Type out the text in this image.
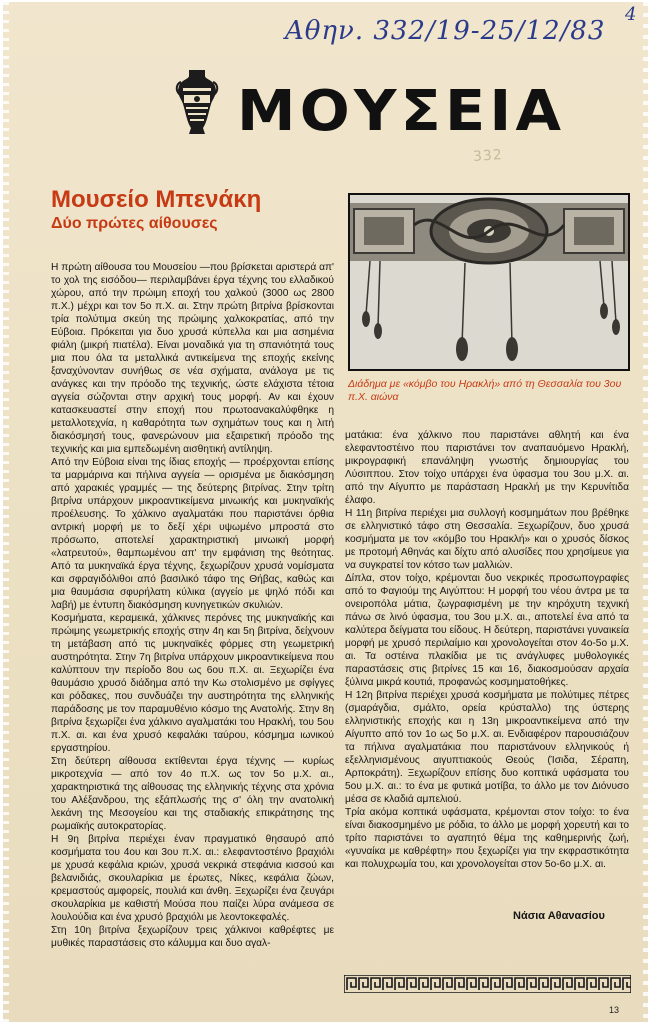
Αθην. 332/19-25/12/83
4
332
ΜΟΥΣΕΙΑ
Μουσείο Μπενάκη
Δύο πρώτες αίθουσες

Η πρώτη αίθουσα του Μουσείου —που βρίσκεται αριστερά απ' το χολ της εισόδου— περιλαμβάνει έργα τέχνης του ελλαδικού χώρου, από την πρώιμη εποχή του χαλκού (3000 ως 2800 π.Χ.) μέχρι και τον 5ο π.Χ. αι. Στην πρώτη βιτρίνα βρίσκονται τρία πολύτιμα σκεύη της πρώιμης χαλκοκρατίας, από την Εύβοια. Πρόκειται για δυο χρυσά κύπελλα και μια ασημένια φιάλη (μικρή πιατέλα). Είναι μοναδικά για τη σπανιότητά τους μια που όλα τα μεταλλικά αντικείμενα της εποχής εκείνης ξαναχύνονταν συνήθως σε νέα σχήματα, ανάλογα με τις ανάγκες και την πρόοδο της τεχνικής, ώστε ελάχιστα τέτοια αγγεία σώζονται στην αρχική τους μορφή. Αν και έχουν κατασκευαστεί στην εποχή που πρωτοανακαλύφθηκε η μεταλλοτεχνία, η καθαρότητα των σχημάτων τους και η λιτή διακόσμησή τους, φανερώνουν μια εξαιρετική πρόοδο της τεχνικής και μια εμπεδωμένη αισθητική αντίληψη.

Από την Εύβοια είναι της ίδιας εποχής — προέρχονται επίσης τα μαρμάρινα και πήλινα αγγεία — ορισμένα με διακόσμηση από χαρακιές γραμμές — της δεύτερης βιτρίνας. Στην τρίτη βιτρίνα υπάρχουν μικροαντικείμενα μινωικής και μυκηναϊκής προέλευσης. Το χάλκινο αγαλματάκι που παριστάνει όρθια αντρική μορφή με το δεξί χέρι υψωμένο μπροστά στο πρόσωπο, αποτελεί χαρακτηριστική μινωική μορφή «λατρευτού», θαμπωμένου απ' την εμφάνιση της θεότητας. Από τα μυκηναϊκά έργα τέχνης, ξεχωρίζουν χρυσά νομίσματα και σφραγιδόλιθοι από βασιλικό τάφο της Θήβας, καθώς και μια θαυμάσια σφυρήλατη κύλικα (αγγείο με ψηλό πόδι και λαβή) με έντυπη διακόσμηση κυνηγετικών σκυλιών.

Κοσμήματα, κεραμεικά, χάλκινες περόνες της μυκηναϊκής και πρώιμης γεωμετρικής εποχής στην 4η και 5η βιτρίνα, δείχνουν τη μετάβαση από τις μυκηναϊκές φόρμες στη γεωμετρική αυστηρότητα. Στην 7η βιτρίνα υπάρχουν μικροαντικείμενα που καλύπτουν την περίοδο 8ου ως 6ου π.Χ. αι. Ξεχωρίζει ένα θαυμάσιο χρυσό διάδημα από την Κω στολισμένο με σφίγγες και ρόδακες, που συνδυάζει την αυστηρότητα της ελληνικής παράδοσης με τον παραμυθένιο κόσμο της Ανατολής. Στην 8η βιτρίνα ξεχωρίζει ένα χάλκινο αγαλματάκι του Ηρακλή, του 5ου π.Χ. αι. και ένα χρυσό κεφαλάκι ταύρου, κόσμημα ιωνικού εργαστηρίου.

Στη δεύτερη αίθουσα εκτίθενται έργα τέχνης — κυρίως μικροτεχνία — από τον 4ο π.Χ. ως τον 5ο μ.Χ. αι., χαρακτηριστικά της αίθουσας της ελληνικής τέχνης στα χρόνια του Αλέξανδρου, της εξάπλωσής της σ' όλη την ανατολική λεκάνη της Μεσογείου και της σταδιακής επικράτησης της ρωμαϊκής αυτοκρατορίας.

Η 9η βιτρίνα περιέχει έναν πραγματικό θησαυρό από κοσμήματα του 4ου και 3ου π.Χ. αι.: ελεφαντοστέινο βραχιόλι με χρυσά κεφάλια κριών, χρυσά νεκρικά στεφάνια κισσού και βελανιδιάς, σκουλαρίκια με έρωτες, Νίκες, κεφάλια ζώων, κρεμαστούς αμφορείς, πουλιά και άνθη. Ξεχωρίζει ένα ζευγάρι σκουλαρίκια με καθιστή Μούσα που παίζει λύρα ανάμεσα σε λουλούδια και ένα χρυσό βραχιόλι με λεοντοκεφαλές.

Στη 10η βιτρίνα ξεχωρίζουν τρεις χάλκινοι καθρέφτες με μυθικές παραστάσεις στο κάλυμμα και δυο αγαλ-

Διάδημα με «κόμβο του Ηρακλή» από τη Θεσσαλία του 3ου π.Χ. αιώνα

ματάκια: ένα χάλκινο που παριστάνει αθλητή και ένα ελεφαντοστέινο που παριστάνει τον αναπαυόμενο Ηρακλή, μικρογραφική επανάληψη γνωστής δημιουργίας του Λύσιππου. Στον τοίχο υπάρχει ένα ύφασμα του 3ου μ.Χ. αι. από την Αίγυπτο με παράσταση Ηρακλή με την Κερυνίτιδα έλαφο.

Η 11η βιτρίνα περιέχει μια συλλογή κοσμημάτων που βρέθηκε σε ελληνιστικό τάφο στη Θεσσαλία. Ξεχωρίζουν, δυο χρυσά κοσμήματα με τον «κόμβο του Ηρακλή» και ο χρυσός δίσκος με προτομή Αθηνάς και δίχτυ από αλυσίδες που χρησίμευε για να συγκρατεί τον κότσο των μαλλιών.

Δίπλα, στον τοίχο, κρέμονται δυο νεκρικές προσωπογραφίες από το Φαγιούμ της Αιγύπτου: Η μορφή του νέου άντρα με τα ονειροπόλα μάτια, ζωγραφισμένη με την κηρόχυτη τεχνική πάνω σε λινό ύφασμα, του 3ου μ.Χ. αι., αποτελεί ένα από τα καλύτερα δείγματα του είδους. Η δεύτερη, παριστάνει γυναικεία μορφή με χρυσό περιλαίμιο και χρονολογείται στον 4ο-5ο μ.Χ. αι. Τα οστέινα πλακίδια με τις ανάγλυφες μυθολογικές παραστάσεις στις βιτρίνες 15 και 16, διακοσμούσαν αρχαία ξύλινα μικρά κουτιά, προφανώς κοσμηματοθήκες.

Η 12η βιτρίνα περιέχει χρυσά κοσμήματα με πολύτιμες πέτρες (σμαράγδια, σμάλτο, ορεία κρύσταλλο) της ύστερης ελληνιστικής εποχής και η 13η μικροαντικείμενα από την Αίγυπτο από τον 1ο ως 5ο μ.Χ. αι. Ενδιαφέρον παρουσιάζουν τα πήλινα αγαλματάκια που παριστάνουν ελληνικούς ή εξελληνισμένους αιγυπτιακούς Θεούς (Ίσιδα, Σέραπη, Αρποκράτη). Ξεχωρίζουν επίσης δυο κοπτικά υφάσματα του 5ου μ.Χ. αι.: το ένα με φυτικά μοτίβα, το άλλο με τον Διόνυσο μέσα σε κλαδιά αμπελιού.

Τρία ακόμα κοπτικά υφάσματα, κρέμονται στον τοίχο: το ένα είναι διακοσμημένο με ρόδια, το άλλο με μορφή χορευτή και το τρίτο παριστάνει το αγαπητό θέμα της καθημερινής ζωή, «γυναίκα με καθρέφτη» που ξεχωρίζει για την εκφραστικότητα και πολυχρωμία του, και χρονολογείται στον 5ο-6ο μ.Χ. αι.

Νάσια Αθανασίου
13
